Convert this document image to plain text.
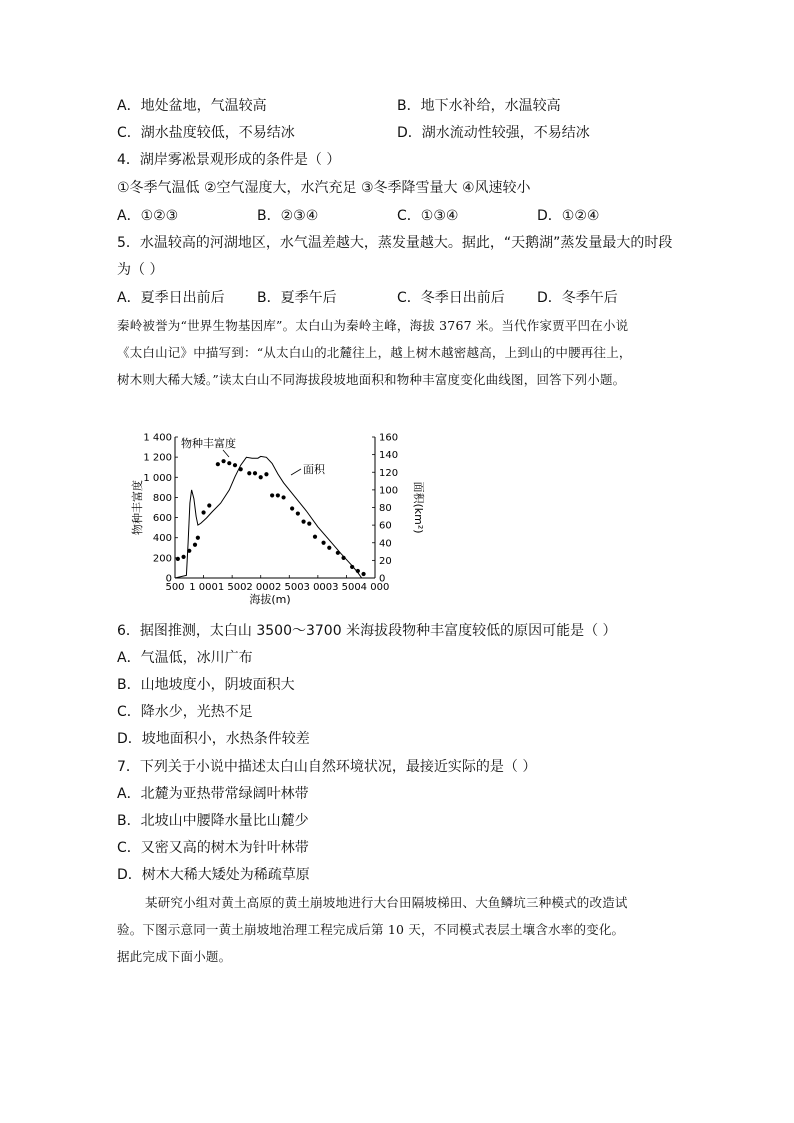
A．地处盆地，气温较高	B．地下水补给，水温较高
C．湖水盐度较低，不易结冰	D．湖水流动性较强，不易结冰
4．湖岸雾凇景观形成的条件是（ ）
①冬季气温低 ②空气湿度大，水汽充足 ③冬季降雪量大 ④风速较小
A．①②③	B．②③④	C．①③④	D．①②④
5．水温较高的河湖地区，水气温差越大，蒸发量越大。据此，“天鹅湖”蒸发量最大的时段
为（ ）
A．夏季日出前后 B．夏季午后	C．冬季日出前后 D．冬季午后
秦岭被誉为“世界生物基因库”。太白山为秦岭主峰，海拔 3767 米。当代作家贾平凹在小说
《太白山记》中描写到：“从太白山的北麓往上，越上树木越密越高，上到山的中腰再往上，
树木则大稀大矮。”读太白山不同海拔段坡地面积和物种丰富度变化曲线图，回答下列小题。
500 1 000 1 500 2 000 2 500 3 000 3 500 4 000
0
200
400
600
800
1 000
1 200
1 400
0
20
40
60
80
100
120
140
160
海拔(m)
物种丰富度	面积(km²)
物种丰富度
面积
6．据图推测，太白山 3500～3700 米海拔段物种丰富度较低的原因可能是（ ）
A．气温低，冰川广布
B．山地坡度小，阴坡面积大
C．降水少，光热不足
D．坡地面积小，水热条件较差
7．下列关于小说中描述太白山自然环境状况，最接近实际的是（ ）
A．北麓为亚热带常绿阔叶林带
B．北坡山中腰降水量比山麓少
C．又密又高的树木为针叶林带
D．树木大稀大矮处为稀疏草原
某研究小组对黄土高原的黄土崩坡地进行大台田隔坡梯田、大鱼鳞坑三种模式的改造试
验。下图示意同一黄土崩坡地治理工程完成后第 10 天，不同模式表层土壤含水率的变化。
据此完成下面小题。
